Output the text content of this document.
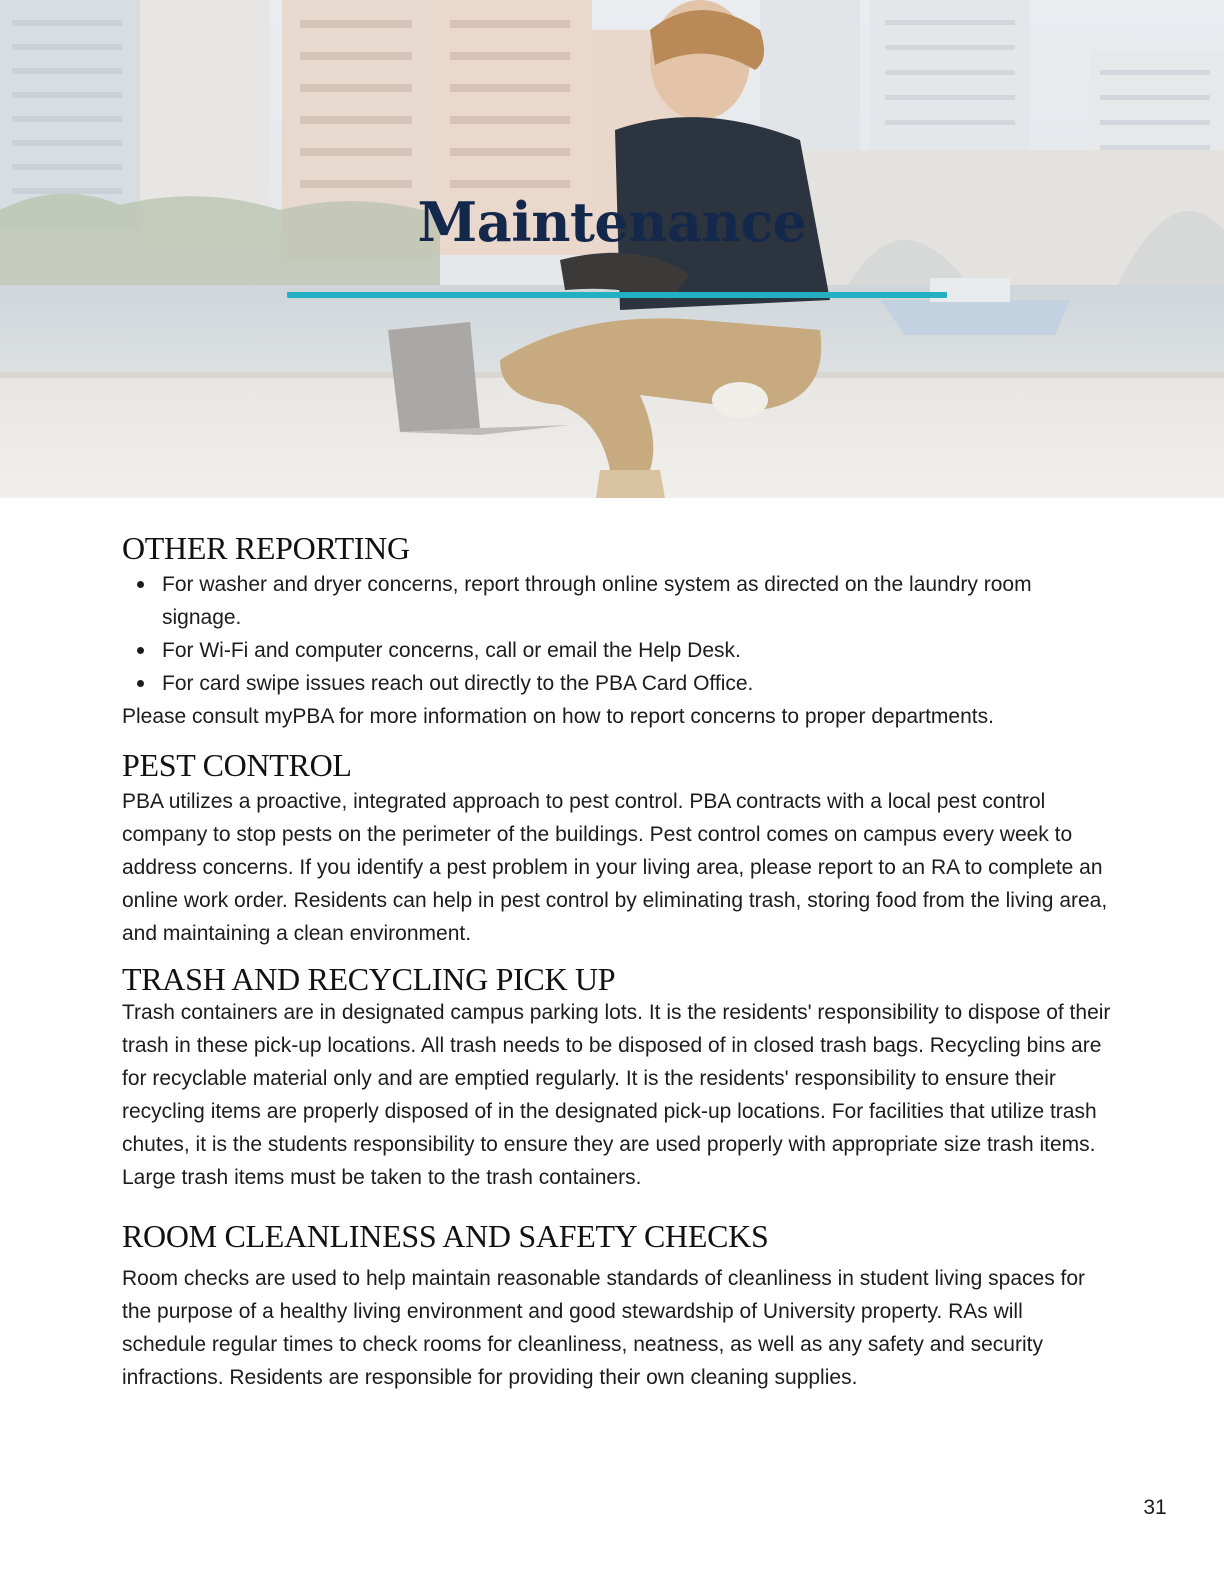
Maintenance
OTHER REPORTING
For washer and dryer concerns, report through online system as directed on the laundry room signage.
For Wi-Fi and computer concerns, call or email the Help Desk.
For card swipe issues reach out directly to the PBA Card Office.

Please consult myPBA for more information on how to report concerns to proper departments.

PEST CONTROL

PBA utilizes a proactive, integrated approach to pest control. PBA contracts with a local pest control company to stop pests on the perimeter of the buildings. Pest control comes on campus every week to address concerns. If you identify a pest problem in your living area, please report to an RA to complete an online work order. Residents can help in pest control by eliminating trash, storing food from the living area, and maintaining a clean environment.

TRASH AND RECYCLING PICK UP

Trash containers are in designated campus parking lots. It is the residents' responsibility to dispose of their trash in these pick-up locations. All trash needs to be disposed of in closed trash bags. Recycling bins are for recyclable material only and are emptied regularly. It is the residents' responsibility to ensure their recycling items are properly disposed of in the designated pick-up locations. For facilities that utilize trash chutes, it is the students responsibility to ensure they are used properly with appropriate size trash items. Large trash items must be taken to the trash containers.

ROOM CLEANLINESS AND SAFETY CHECKS

Room checks are used to help maintain reasonable standards of cleanliness in student living spaces for the purpose of a healthy living environment and good stewardship of University property. RAs will schedule regular times to check rooms for cleanliness, neatness, as well as any safety and security infractions. Residents are responsible for providing their own cleaning supplies.

31
